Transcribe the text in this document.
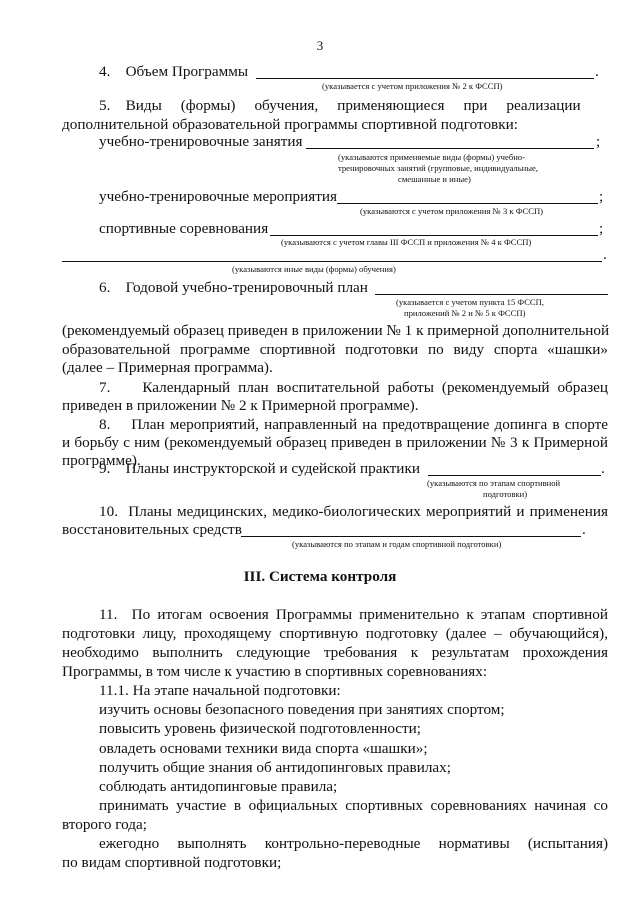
3
4.    Объем Программы	.
(указывается с учетом приложения № 2 к ФССП)
5.    Виды     (формы)     обучения,     применяющиеся     при     реализации
дополнительной образовательной программы спортивной подготовки:
учебно-тренировочные занятия	;
(указываются применяемые виды (формы) учебно-
тренировочных занятий (групповые, индивидуальные,
смешанные и иные)
учебно-тренировочные мероприятия	;
(указываются с учетом приложения № 3 к ФССП)
спортивные соревнования	;
(указываются с учетом главы III ФССП и приложения № 4 к ФССП)
.
(указываются иные виды (формы) обучения)
6.    Годовой учебно-тренировочный план
(указывается с учетом пункта 15 ФССП,
приложений № 2 и № 5 к ФССП)
(рекомендуемый образец приведен в приложении № 1 к примерной дополнительной
образовательной программе спортивной подготовки по виду спорта «шашки»
(далее – Примерная программа).
7.    Календарный план воспитательной работы (рекомендуемый образец
приведен в приложении № 2 к Примерной программе).
8.    План мероприятий, направленный на предотвращение допинга в спорте
и борьбу с ним (рекомендуемый образец приведен в приложении № 3 к Примерной
программе).
9.    Планы инструкторской и судейской практики	.
(указываются по этапам спортивной
подготовки)
10.  Планы медицинских, медико-биологических мероприятий и применения
восстановительных средств	.
(указываются по этапам и годам спортивной подготовки)
III. Система контроля
11.  По итогам освоения Программы применительно к этапам спортивной
подготовки лицу, проходящему спортивную подготовку (далее – обучающийся),
необходимо выполнить следующие требования к результатам прохождения
Программы, в том числе к участию в спортивных соревнованиях:
11.1. На этапе начальной подготовки:
изучить основы безопасного поведения при занятиях спортом;
повысить уровень физической подготовленности;
овладеть основами техники вида спорта «шашки»;
получить общие знания об антидопинговых правилах;
соблюдать антидопинговые правила;
принимать участие в официальных спортивных соревнованиях начиная со
второго года;
ежегодно    выполнять    контрольно-переводные    нормативы    (испытания)
по видам спортивной подготовки;
